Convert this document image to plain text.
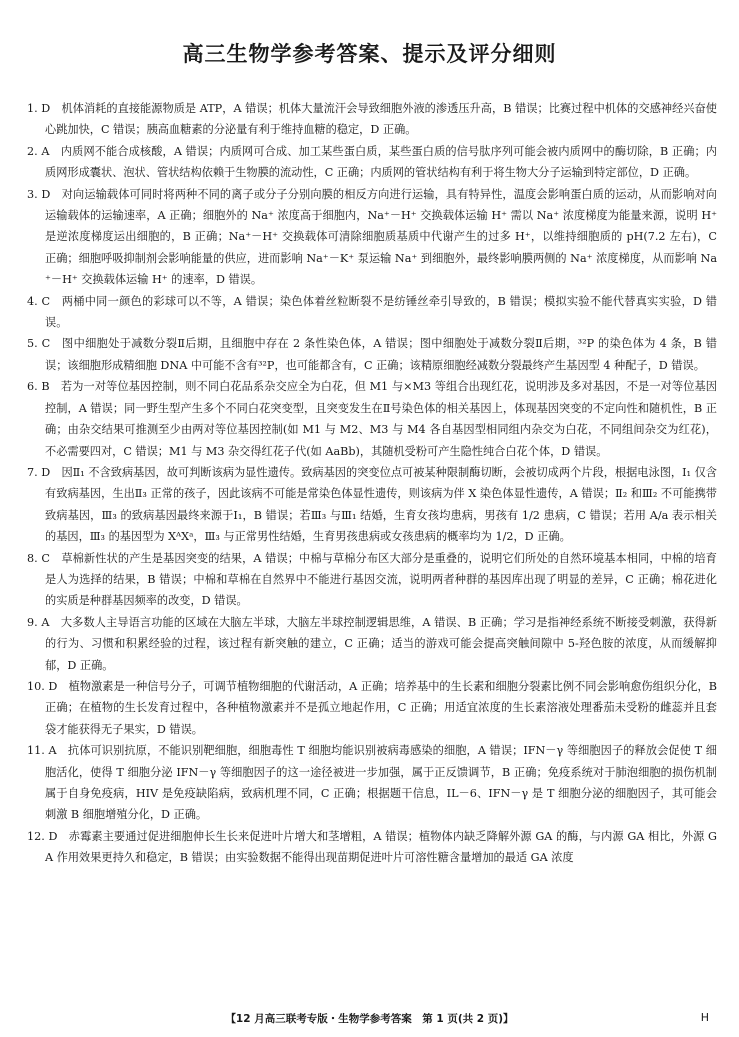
高三生物学参考答案、提示及评分细则
1. D　 机体消耗的直接能源物质是 ATP，A 错误；机体大量流汗会导致细胞外液的渗透压升高，B 错误；比赛过程中机体的交感神经兴奋使心跳加快，C 错误；胰高血糖素的分泌量有利于维持血糖的稳定，D 正确。
2. A　 内质网不能合成核酸，A 错误；内质网可合成、加工某些蛋白质，某些蛋白质的信号肽序列可能会被内质网中的酶切除，B 正确；内质网形成囊状、泡状、管状结构依赖于生物膜的流动性，C 正确；内质网的管状结构有利于将生物大分子运输到特定部位，D 正确。
3. D　 对向运输载体可同时将两种不同的离子或分子分别向膜的相反方向进行运输，具有特异性，温度会影响蛋白质的运动，从而影响对向运输载体的运输速率，A 正确；细胞外的 Na⁺ 浓度高于细胞内，Na⁺－H⁺ 交换载体运输 H⁺ 需以 Na⁺ 浓度梯度为能量来源，说明 H⁺ 是逆浓度梯度运出细胞的，B 正确；Na⁺－H⁺ 交换载体可清除细胞质基质中代谢产生的过多 H⁺，以维持细胞质的 pH(7.2 左右)，C 正确；细胞呼吸抑制剂会影响能量的供应，进而影响 Na⁺－K⁺ 泵运输 Na⁺ 到细胞外，最终影响膜两侧的 Na⁺ 浓度梯度，从而影响 Na⁺－H⁺ 交换载体运输 H⁺ 的速率，D 错误。
4. C　 两桶中同一颜色的彩球可以不等，A 错误；染色体着丝粒断裂不是纺锤丝牵引导致的，B 错误；模拟实验不能代替真实实验，D 错误。
5. C　 图中细胞处于减数分裂Ⅱ后期，且细胞中存在 2 条性染色体，A 错误；图中细胞处于减数分裂Ⅱ后期，³²P 的染色体为 4 条，B 错误；该细胞形成精细胞 DNA 中可能不含有³²P，也可能都含有，C 正确；该精原细胞经减数分裂最终产生基因型 4 种配子，D 错误。
6. B　 若为一对等位基因控制，则不同白花品系杂交应全为白花，但 M1 与×M3 等组合出现红花，说明涉及多对基因，不是一对等位基因控制，A 错误；同一野生型产生多个不同白花突变型，且突变发生在Ⅱ号染色体的相关基因上，体现基因突变的不定向性和随机性，B 正确；由杂交结果可推测至少由两对等位基因控制(如 M1 与 M2、M3 与 M4 各自基因型相同组内杂交为白花，不同组间杂交为红花)，不必需要四对，C 错误；M1 与 M3 杂交得红花子代(如 AaBb)，其随机受粉可产生隐性纯合白花个体，D 错误。
7. D　 因Ⅱ₁ 不含致病基因，故可判断该病为显性遗传。致病基因的突变位点可被某种限制酶切断，会被切成两个片段，根据电泳图，Ⅰ₁ 仅含有致病基因，生出Ⅱ₃ 正常的孩子，因此该病不可能是常染色体显性遗传，则该病为伴 X 染色体显性遗传，A 错误；Ⅱ₂ 和Ⅲ₂ 不可能携带致病基因，Ⅲ₃ 的致病基因最终来源于Ⅰ₁，B 错误；若Ⅲ₃ 与Ⅲ₁ 结婚，生育女孩均患病，男孩有 1/2 患病，C 错误；若用 A/a 表示相关的基因，Ⅲ₃ 的基因型为 XᴬXᵃ，Ⅲ₃ 与正常男性结婚，生育男孩患病或女孩患病的概率均为 1/2，D 正确。
8. C　 草棉新性状的产生是基因突变的结果，A 错误；中棉与草棉分布区大部分是重叠的，说明它们所处的自然环境基本相同，中棉的培育是人为选择的结果，B 错误；中棉和草棉在自然界中不能进行基因交流，说明两者种群的基因库出现了明显的差异，C 正确；棉花进化的实质是种群基因频率的改变，D 错误。
9. A　 大多数人主导语言功能的区域在大脑左半球，大脑左半球控制逻辑思维，A 错误、B 正确；学习是指神经系统不断接受刺激，获得新的行为、习惯和积累经验的过程，该过程有新突触的建立，C 正确；适当的游戏可能会提高突触间隙中 5-羟色胺的浓度，从而缓解抑郁，D 正确。
10. D　 植物激素是一种信号分子，可调节植物细胞的代谢活动，A 正确；培养基中的生长素和细胞分裂素比例不同会影响愈伤组织分化，B 正确；在植物的生长发育过程中，各种植物激素并不是孤立地起作用，C 正确；用适宜浓度的生长素溶液处理番茄未受粉的雌蕊并且套袋才能获得无子果实，D 错误。
11. A　 抗体可识别抗原，不能识别靶细胞，细胞毒性 T 细胞均能识别被病毒感染的细胞，A 错误；IFN－γ 等细胞因子的释放会促使 T 细胞活化，使得 T 细胞分泌 IFN－γ 等细胞因子的这一途径被进一步加强，属于正反馈调节，B 正确；免疫系统对于肺泡细胞的损伤机制属于自身免疫病，HIV 是免疫缺陷病，致病机理不同，C 正确；根据题干信息，IL－6、IFN－γ 是 T 细胞分泌的细胞因子，其可能会刺激 B 细胞增殖分化，D 正确。
12. D　 赤霉素主要通过促进细胞伸长生长来促进叶片增大和茎增粗，A 错误；植物体内缺乏降解外源 GA 的酶，与内源 GA 相比，外源 GA 作用效果更持久和稳定，B 错误；由实验数据不能得出现苗期促进叶片可溶性糖含量增加的最适 GA 浓度
【12 月高三联考专版・生物学参考答案　第 1 页(共 2 页)】	H
